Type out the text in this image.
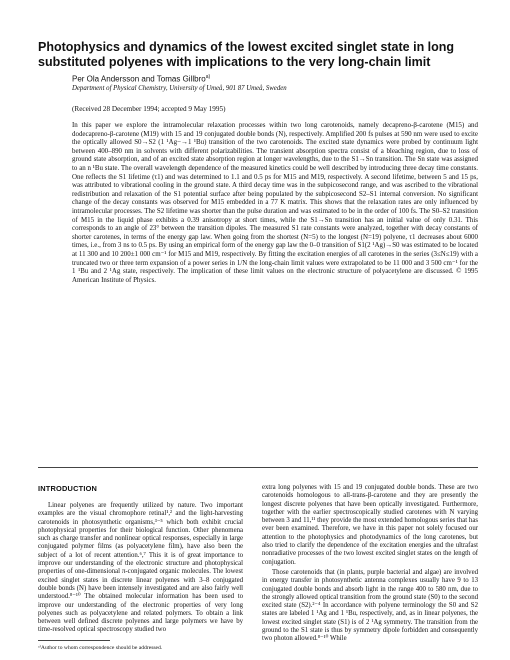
Photophysics and dynamics of the lowest excited singlet state in long substituted polyenes with implications to the very long-chain limit
Per Ola Andersson and Tomas Gillbro$^{a)}$
Department of Physical Chemistry, University of Umeå, 901 87 Umeå, Sweden
(Received 28 December 1994; accepted 9 May 1995)

In this paper we explore the intramolecular relaxation processes within two long carotenoids, namely decapreno-β-carotene (M15) and dodecapreno-β-carotene (M19) with 15 and 19 conjugated double bonds (N), respectively. Amplified 200 fs pulses at 590 nm were used to excite the optically allowed S0→S2 (1 ¹Ag−→1 ¹Bu) transition of the two carotenoids. The excited state dynamics were probed by continuum light between 400–890 nm in solvents with different polarizabilities. The transient absorption spectra consist of a bleaching region, due to loss of ground state absorption, and of an excited state absorption region at longer wavelengths, due to the S1→Sn transition. The Sn state was assigned to an n ¹Bu state. The overall wavelength dependence of the measured kinetics could be well described by introducing three decay time constants. One reflects the S1 lifetime (τ1) and was determined to 1.1 and 0.5 ps for M15 and M19, respectively. A second lifetime, between 5 and 15 ps, was attributed to vibrational cooling in the ground state. A third decay time was in the subpicosecond range, and was ascribed to the vibrational redistribution and relaxation of the S1 potential surface after being populated by the subpicosecond S2–S1 internal conversion. No significant change of the decay constants was observed for M15 embedded in a 77 K matrix. This shows that the relaxation rates are only influenced by intramolecular processes. The S2 lifetime was shorter than the pulse duration and was estimated to be in the order of 100 fs. The S0–S2 transition of M15 in the liquid phase exhibits a 0.39 anisotropy at short times, while the S1→Sn transition has an initial value of only 0.31. This corresponds to an angle of 23° between the transition dipoles. The measured S1 rate constants were analyzed, together with decay constants of shorter carotenes, in terms of the energy gap law. When going from the shortest (N=5) to the longest (N=19) polyene, τ1 decreases about 6000 times, i.e., from 3 ns to 0.5 ps. By using an empirical form of the energy gap law the 0–0 transition of S1(2 ¹Ag)→S0 was estimated to be located at 11 300 and 10 200±1 000 cm⁻¹ for M15 and M19, respectively. By fitting the excitation energies of all carotenes in the series (3≤N≤19) with a truncated two or three term expansion of a power series in 1/N the long-chain limit values were extrapolated to be 11 000 and 3 500 cm⁻¹ for the 1 ¹Bu and 2 ¹Ag state, respectively. The implication of these limit values on the electronic structure of polyacetylene are discussed. © 1995 American Institute of Physics.

INTRODUCTION

Linear polyenes are frequently utilized by nature. Two important examples are the visual chromophore retinal¹,² and the light-harvesting carotenoids in photosynthetic organisms,³⁻⁵ which both exhibit crucial photophysical properties for their biological function. Other phenomena such as charge transfer and nonlinear optical responses, especially in large conjugated polymer films (as polyacetylene film), have also been the subject of a lot of recent attention.⁶,⁷ This it is of great importance to improve our understanding of the electronic structure and photophysical properties of one-dimensional π-conjugated organic molecules. The lowest excited singlet states in discrete linear polyenes with 3–8 conjugated double bonds (N) have been intensely investigated and are also fairly well understood.⁸⁻¹⁰ The obtained molecular information has been used to improve our understanding of the electronic properties of very long polyenes such as polyacetylene and related polymers. To obtain a link between well defined discrete polyenes and large polymers we have by time-resolved optical spectroscopy studied two

extra long polyenes with 15 and 19 conjugated double bonds. These are two carotenoids homologous to all-trans-β-carotene and they are presently the longest discrete polyenes that have been optically investigated. Furthermore, together with the earlier spectroscopically studied carotenes with N varying between 3 and 11,¹¹ they provide the most extended homologous series that has ever been examined. Therefore, we have in this paper not solely focused our attention to the photophysics and photodynamics of the long carotenes, but also tried to clarify the dependence of the excitation energies and the ultrafast nonradiative processes of the two lowest excited singlet states on the length of conjugation.

Those carotenoids that (in plants, purple bacterial and algae) are involved in energy transfer in photosynthetic antenna complexes usually have 9 to 13 conjugated double bonds and absorb light in the range 400 to 580 nm, due to the strongly allowed optical transition from the ground state (S0) to the second excited state (S2).²⁻⁴ In accordance with polyene terminology the S0 and S2 states are labeled 1 ¹Ag and 1 ¹Bu, respectively, and, as in linear polyenes, the lowest excited singlet state (S1) is of 2 ¹Ag symmetry. The transition from the ground to the S1 state is thus by symmetry dipole forbidden and consequently two photon allowed.⁸⁻¹⁰ While

ᵃ⁾Author to whom correspondence should be addressed.
